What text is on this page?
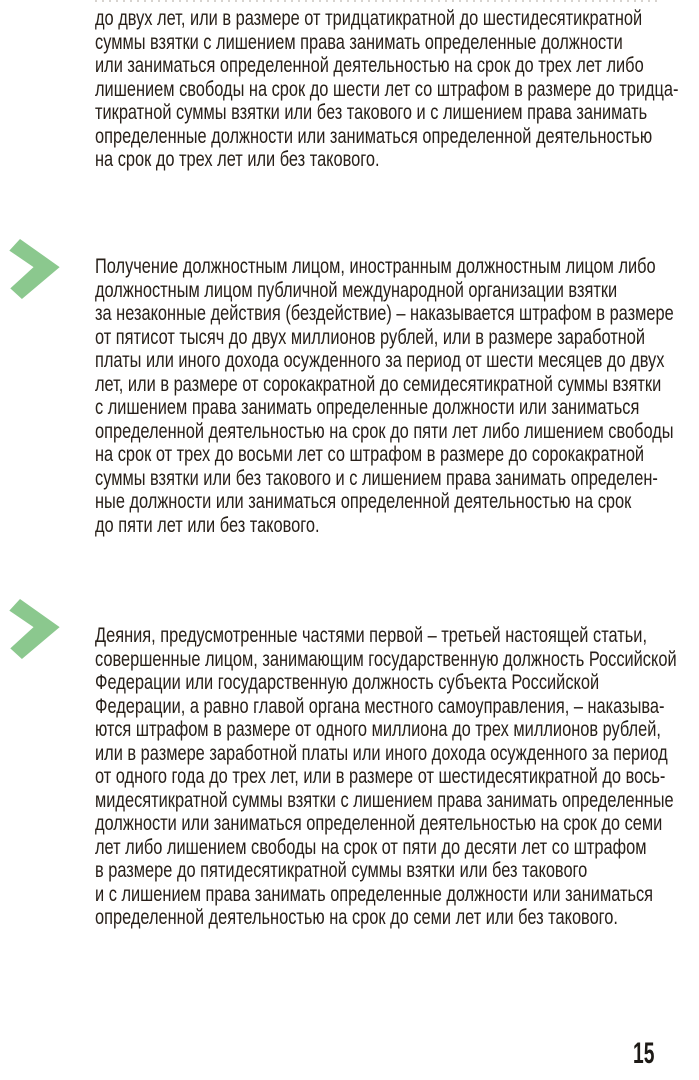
до двух лет, или в размере от тридцатикратной до шестидесятикратной
суммы взятки с лишением права занимать определенные должности
или заниматься определенной деятельностью на срок до трех лет либо
лишением свободы на срок до шести лет со штрафом в размере до тридца-
тикратной суммы взятки или без такового и с лишением права занимать
определенные должности или заниматься определенной деятельностью
на срок до трех лет или без такового.
Получение должностным лицом, иностранным должностным лицом либо
должностным лицом публичной международной организации взятки
за незаконные действия (бездействие) – наказывается штрафом в размере
от пятисот тысяч до двух миллионов рублей, или в размере заработной
платы или иного дохода осужденного за период от шести месяцев до двух
лет, или в размере от сорокакратной до семидесятикратной суммы взятки
с лишением права занимать определенные должности или заниматься
определенной деятельностью на срок до пяти лет либо лишением свободы
на срок от трех до восьми лет со штрафом в размере до сорокакратной
суммы взятки или без такового и с лишением права занимать определен-
ные должности или заниматься определенной деятельностью на срок
до пяти лет или без такового.
Деяния, предусмотренные частями первой – третьей настоящей статьи,
совершенные лицом, занимающим государственную должность Российской
Федерации или государственную должность субъекта Российской
Федерации, а равно главой органа местного самоуправления, – наказыва-
ются штрафом в размере от одного миллиона до трех миллионов рублей,
или в размере заработной платы или иного дохода осужденного за период
от одного года до трех лет, или в размере от шестидесятикратной до вось-
мидесятикратной суммы взятки с лишением права занимать определенные
должности или заниматься определенной деятельностью на срок до семи
лет либо лишением свободы на срок от пяти до десяти лет со штрафом
в размере до пятидесятикратной суммы взятки или без такового
и с лишением права занимать определенные должности или заниматься
определенной деятельностью на срок до семи лет или без такового.
15
